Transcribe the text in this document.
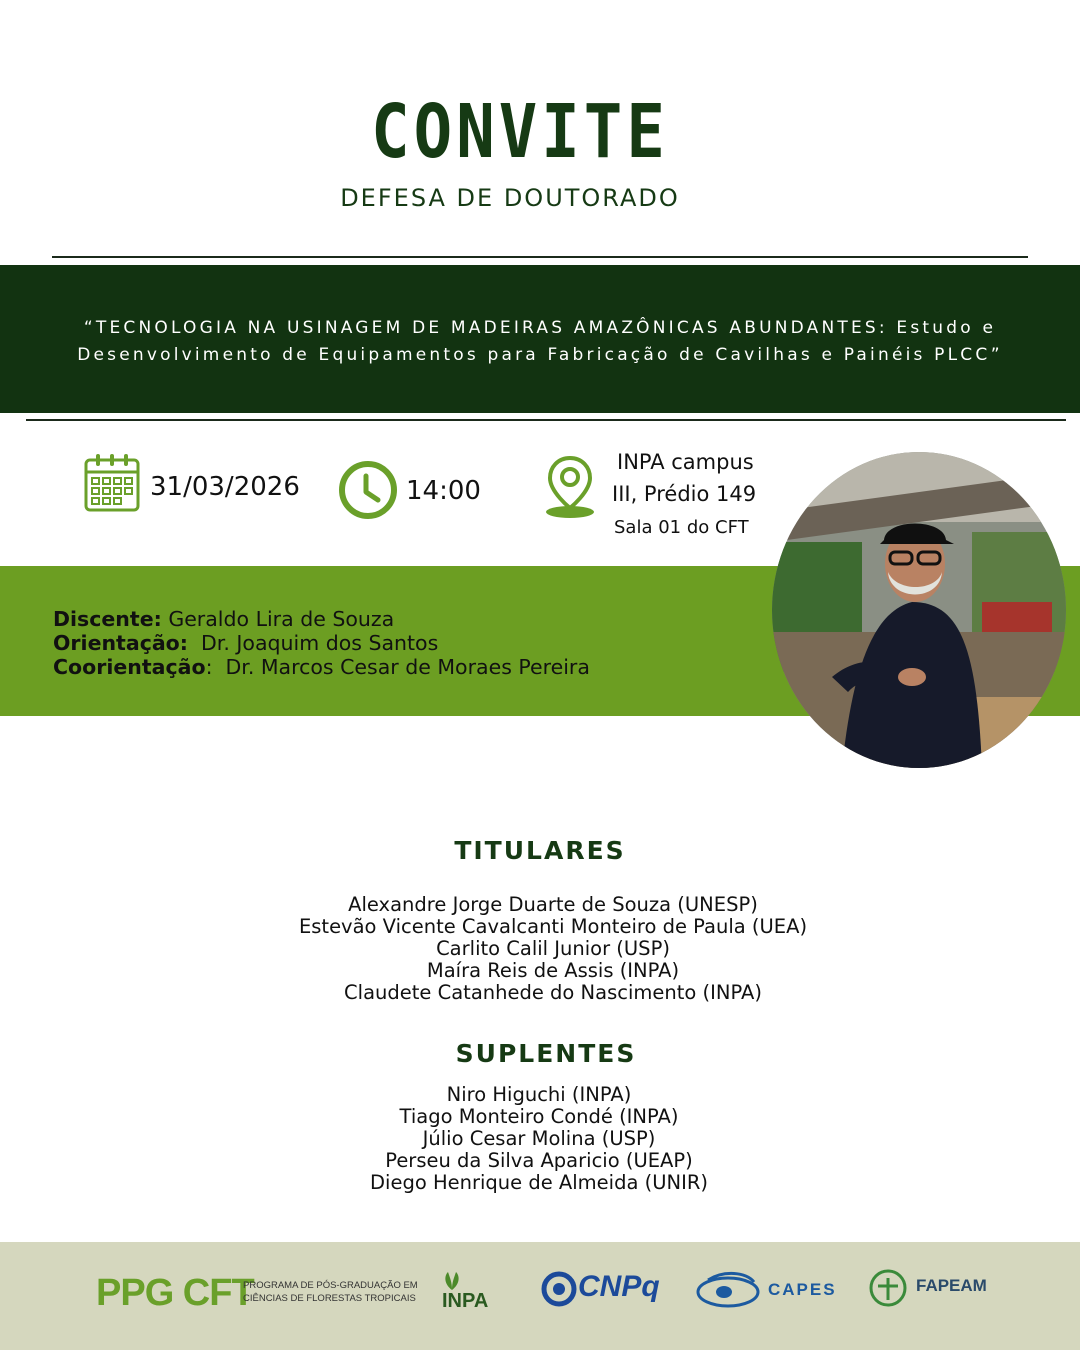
CONVITE
DEFESA DE DOUTORADO
“TECNOLOGIA NA USINAGEM DE MADEIRAS AMAZÔNICAS ABUNDANTES: Estudo e
Desenvolvimento de Equipamentos para Fabricação de Cavilhas e Painéis PLCC”
31/03/2026	14:00
INPA campus
III, Prédio 149
Sala 01 do CFT
Discente: Geraldo Lira de Souza
Orientação:  Dr. Joaquim dos Santos
Coorientação:  Dr. Marcos Cesar de Moraes Pereira
TITULARES
Alexandre Jorge Duarte de Souza (UNESP)
Estevão Vicente Cavalcanti Monteiro de Paula (UEA)
Carlito Calil Junior (USP)
Maíra Reis de Assis (INPA)
Claudete Catanhede do Nascimento (INPA)
SUPLENTES
Niro Higuchi (INPA)
Tiago Monteiro Condé (INPA)
Júlio Cesar Molina (USP)
Perseu da Silva Aparicio (UEAP)
Diego Henrique de Almeida (UNIR)
PPG CFT
PROGRAMA DE PÓS-GRADUAÇÃO EM
CIÊNCIAS DE FLORESTAS TROPICAIS INPA	CNPq	CAPES	FAPEAM
